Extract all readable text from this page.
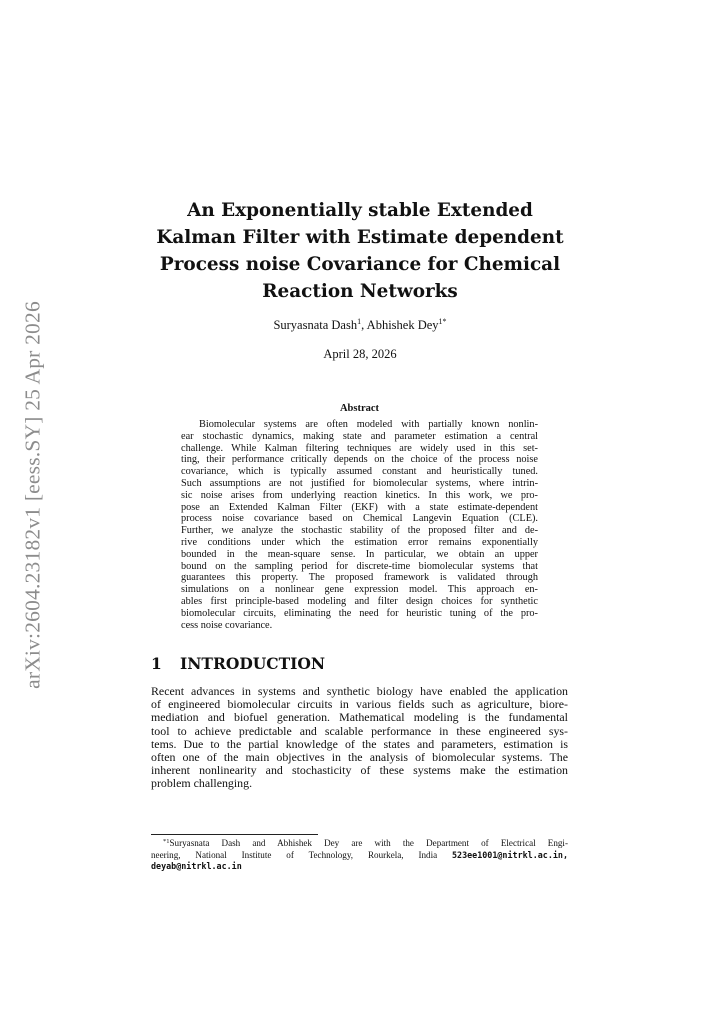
arXiv:2604.23182v1 [eess.SY] 25 Apr 2026
An Exponentially stable Extended
Kalman Filter with Estimate dependent
Process noise Covariance for Chemical
Reaction Networks
Suryasnata Dash$^1$, Abhishek Dey$^{1*}$
April 28, 2026
Abstract
Biomolecular systems are often modeled with partially known nonlin-
ear stochastic dynamics, making state and parameter estimation a central
challenge. While Kalman filtering techniques are widely used in this set-
ting, their performance critically depends on the choice of the process noise
covariance, which is typically assumed constant and heuristically tuned.
Such assumptions are not justified for biomolecular systems, where intrin-
sic noise arises from underlying reaction kinetics. In this work, we pro-
pose an Extended Kalman Filter (EKF) with a state estimate-dependent
process noise covariance based on Chemical Langevin Equation (CLE).
Further, we analyze the stochastic stability of the proposed filter and de-
rive conditions under which the estimation error remains exponentially
bounded in the mean-square sense. In particular, we obtain an upper
bound on the sampling period for discrete-time biomolecular systems that
guarantees this property. The proposed framework is validated through
simulations on a nonlinear gene expression model. This approach en-
ables first principle-based modeling and filter design choices for synthetic
biomolecular circuits, eliminating the need for heuristic tuning of the pro-
cess noise covariance.
1 INTRODUCTION
Recent advances in systems and synthetic biology have enabled the application
of engineered biomolecular circuits in various fields such as agriculture, biore-
mediation and biofuel generation. Mathematical modeling is the fundamental
tool to achieve predictable and scalable performance in these engineered sys-
tems. Due to the partial knowledge of the states and parameters, estimation is
often one of the main objectives in the analysis of biomolecular systems. The
inherent nonlinearity and stochasticity of these systems make the estimation
problem challenging.
$^{*1}$Suryasnata Dash and Abhishek Dey are with the Department of Electrical Engi-
neering, National Institute of Technology, Rourkela, India 523ee1001@nitrkl.ac.in,
deyab@nitrkl.ac.in
